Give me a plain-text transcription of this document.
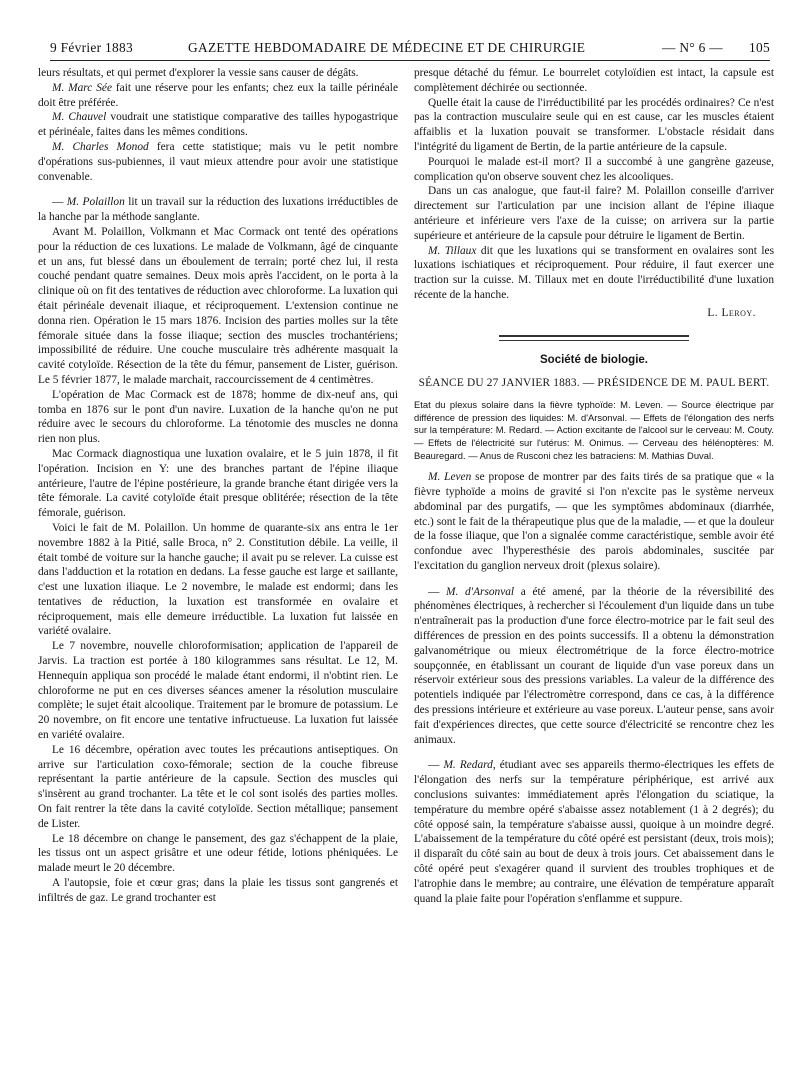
9 Février 1883	GAZETTE HEBDOMADAIRE DE MÉDECINE ET DE CHIRURGIE	— N° 6 — 105

leurs résultats, et qui permet d'explorer la vessie sans causer de dégâts.

M. Marc Sée fait une réserve pour les enfants; chez eux la taille périnéale doit être préférée.

M. Chauvel voudrait une statistique comparative des tailles hypogastrique et périnéale, faites dans les mêmes conditions.

M. Charles Monod fera cette statistique; mais vu le petit nombre d'opérations sus-pubiennes, il vaut mieux attendre pour avoir une statistique convenable.

— M. Polaillon lit un travail sur la réduction des luxations irréductibles de la hanche par la méthode sanglante.

Avant M. Polaillon, Volkmann et Mac Cormack ont tenté des opérations pour la réduction de ces luxations. Le malade de Volkmann, âgé de cinquante et un ans, fut blessé dans un éboulement de terrain; porté chez lui, il resta couché pendant quatre semaines. Deux mois après l'accident, on le porta à la clinique où on fit des tentatives de réduction avec chloroforme. La luxation qui était périnéale devenait iliaque, et réciproquement. L'extension continue ne donna rien. Opération le 15 mars 1876. Incision des parties molles sur la tête fémorale située dans la fosse iliaque; section des muscles trochantériens; impossibilité de réduire. Une couche musculaire très adhérente masquait la cavité cotyloïde. Résection de la tête du fémur, pansement de Lister, guérison. Le 5 février 1877, le malade marchait, raccourcissement de 4 centimètres.

L'opération de Mac Cormack est de 1878; homme de dix-neuf ans, qui tomba en 1876 sur le pont d'un navire. Luxation de la hanche qu'on ne put réduire avec le secours du chloroforme. La ténotomie des muscles ne donna rien non plus.

Mac Cormack diagnostiqua une luxation ovalaire, et le 5 juin 1878, il fit l'opération. Incision en Y: une des branches partant de l'épine iliaque antérieure, l'autre de l'épine postérieure, la grande branche étant dirigée vers la tête fémorale. La cavité cotyloïde était presque oblitérée; résection de la tête fémorale, guérison.

Voici le fait de M. Polaillon. Un homme de quarante-six ans entra le 1er novembre 1882 à la Pitié, salle Broca, n° 2. Constitution débile. La veille, il était tombé de voiture sur la hanche gauche; il avait pu se relever. La cuisse est dans l'adduction et la rotation en dedans. La fesse gauche est large et saillante, c'est une luxation iliaque. Le 2 novembre, le malade est endormi; dans les tentatives de réduction, la luxation est transformée en ovalaire et réciproquement, mais elle demeure irréductible. La luxation fut laissée en variété ovalaire.

Le 7 novembre, nouvelle chloroformisation; application de l'appareil de Jarvis. La traction est portée à 180 kilogrammes sans résultat. Le 12, M. Hennequin appliqua son procédé le malade étant endormi, il n'obtint rien. Le chloroforme ne put en ces diverses séances amener la résolution musculaire complète; le sujet était alcoolique. Traitement par le bromure de potassium. Le 20 novembre, on fit encore une tentative infructueuse. La luxation fut laissée en variété ovalaire.

Le 16 décembre, opération avec toutes les précautions antiseptiques. On arrive sur l'articulation coxo-fémorale; section de la couche fibreuse représentant la partie antérieure de la capsule. Section des muscles qui s'insèrent au grand trochanter. La tête et le col sont isolés des parties molles. On fait rentrer la tête dans la cavité cotyloïde. Section métallique; pansement de Lister.

Le 18 décembre on change le pansement, des gaz s'échappent de la plaie, les tissus ont un aspect grisâtre et une odeur fétide, lotions phéniquées. Le malade meurt le 20 décembre.

A l'autopsie, foie et cœur gras; dans la plaie les tissus sont gangrenés et infiltrés de gaz. Le grand trochanter est

presque détaché du fémur. Le bourrelet cotyloïdien est intact, la capsule est complètement déchirée ou sectionnée.

Quelle était la cause de l'irréductibilité par les procédés ordinaires? Ce n'est pas la contraction musculaire seule qui en est cause, car les muscles étaient affaiblis et la luxation pouvait se transformer. L'obstacle résidait dans l'intégrité du ligament de Bertin, de la partie antérieure de la capsule.

Pourquoi le malade est-il mort? Il a succombé à une gangrène gazeuse, complication qu'on observe souvent chez les alcooliques.

Dans un cas analogue, que faut-il faire? M. Polaillon conseille d'arriver directement sur l'articulation par une incision allant de l'épine iliaque antérieure et inférieure vers l'axe de la cuisse; on arrivera sur la partie supérieure et antérieure de la capsule pour détruire le ligament de Bertin.

M. Tillaux dit que les luxations qui se transforment en ovalaires sont les luxations ischiatiques et réciproquement. Pour réduire, il faut exercer une traction sur la cuisse. M. Tillaux met en doute l'irréductibilité d'une luxation récente de la hanche.

L. Leroy.
Société de biologie.
SÉANCE DU 27 JANVIER 1883. — PRÉSIDENCE DE M. PAUL BERT.
Etat du plexus solaire dans la fièvre typhoïde: M. Leven. — Source électrique par différence de pression des liquides: M. d'Arsonval. — Effets de l'élongation des nerfs sur la température: M. Redard. — Action excitante de l'alcool sur le cerveau: M. Couty. — Effets de l'électricité sur l'utérus: M. Onimus. — Cerveau des hélénoptères: M. Beauregard. — Anus de Rusconi chez les batraciens: M. Mathias Duval.

M. Leven se propose de montrer par des faits tirés de sa pratique que « la fièvre typhoïde a moins de gravité si l'on n'excite pas le système nerveux abdominal par des purgatifs, — que les symptômes abdominaux (diarrhée, etc.) sont le fait de la thérapeutique plus que de la maladie, — et que la douleur de la fosse iliaque, que l'on a signalée comme caractéristique, semble avoir été confondue avec l'hyperesthésie des parois abdominales, suscitée par l'excitation du ganglion nerveux droit (plexus solaire).

— M. d'Arsonval a été amené, par la théorie de la réversibilité des phénomènes électriques, à rechercher si l'écoulement d'un liquide dans un tube n'entraînerait pas la production d'une force électro-motrice par le fait seul des différences de pression en des points successifs. Il a obtenu la démonstration galvanométrique ou mieux électrométrique de la force électro-motrice soupçonnée, en établissant un courant de liquide d'un vase poreux dans un réservoir extérieur sous des pressions variables. La valeur de la différence des potentiels indiquée par l'électromètre correspond, dans ce cas, à la différence des pressions intérieure et extérieure au vase poreux. L'auteur pense, sans avoir fait d'expériences directes, que cette source d'électricité se rencontre chez les animaux.

— M. Redard, étudiant avec ses appareils thermo-électriques les effets de l'élongation des nerfs sur la température périphérique, est arrivé aux conclusions suivantes: immédiatement après l'élongation du sciatique, la température du membre opéré s'abaisse assez notablement (1 à 2 degrés); du côté opposé sain, la température s'abaisse aussi, quoique à un moindre degré. L'abaissement de la température du côté opéré est persistant (deux, trois mois); il disparaît du côté sain au bout de deux à trois jours. Cet abaissement dans le côté opéré peut s'exagérer quand il survient des troubles trophiques et de l'atrophie dans le membre; au contraire, une élévation de température apparaît quand la plaie faite pour l'opération s'enflamme et suppure.
